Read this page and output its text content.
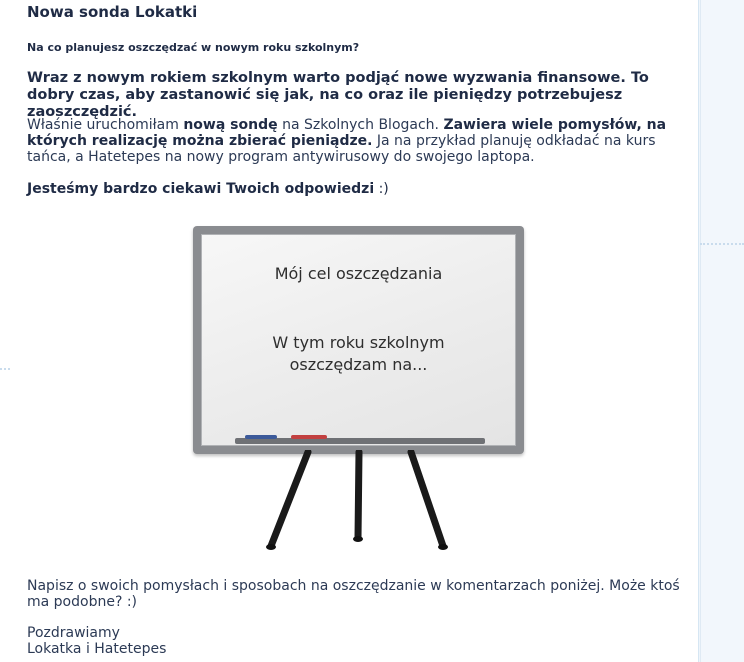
Nowa sonda Lokatki

Na co planujesz oszczędzać w nowym roku szkolnym?

Wraz z nowym rokiem szkolnym warto podjąć nowe wyzwania finansowe. To dobry czas, aby zastanowić się jak, na co oraz ile pieniędzy potrzebujesz zaoszczędzić.

Właśnie uruchomiłam nową sondę na Szkolnych Blogach. Zawiera wiele pomysłów, na których realizację można zbierać pieniądze. Ja na przykład planuję odkładać na kurs tańca, a Hatetepes na nowy program antywirusowy do swojego laptopa.

Jesteśmy bardzo ciekawi Twoich odpowiedzi :)

Mój cel oszczędzania
W tym roku szkolnym
oszczędzam na...

Napisz o swoich pomysłach i sposobach na oszczędzanie w komentarzach poniżej. Może ktoś ma podobne? :)

Pozdrawiamy
Lokatka i Hatetepes
